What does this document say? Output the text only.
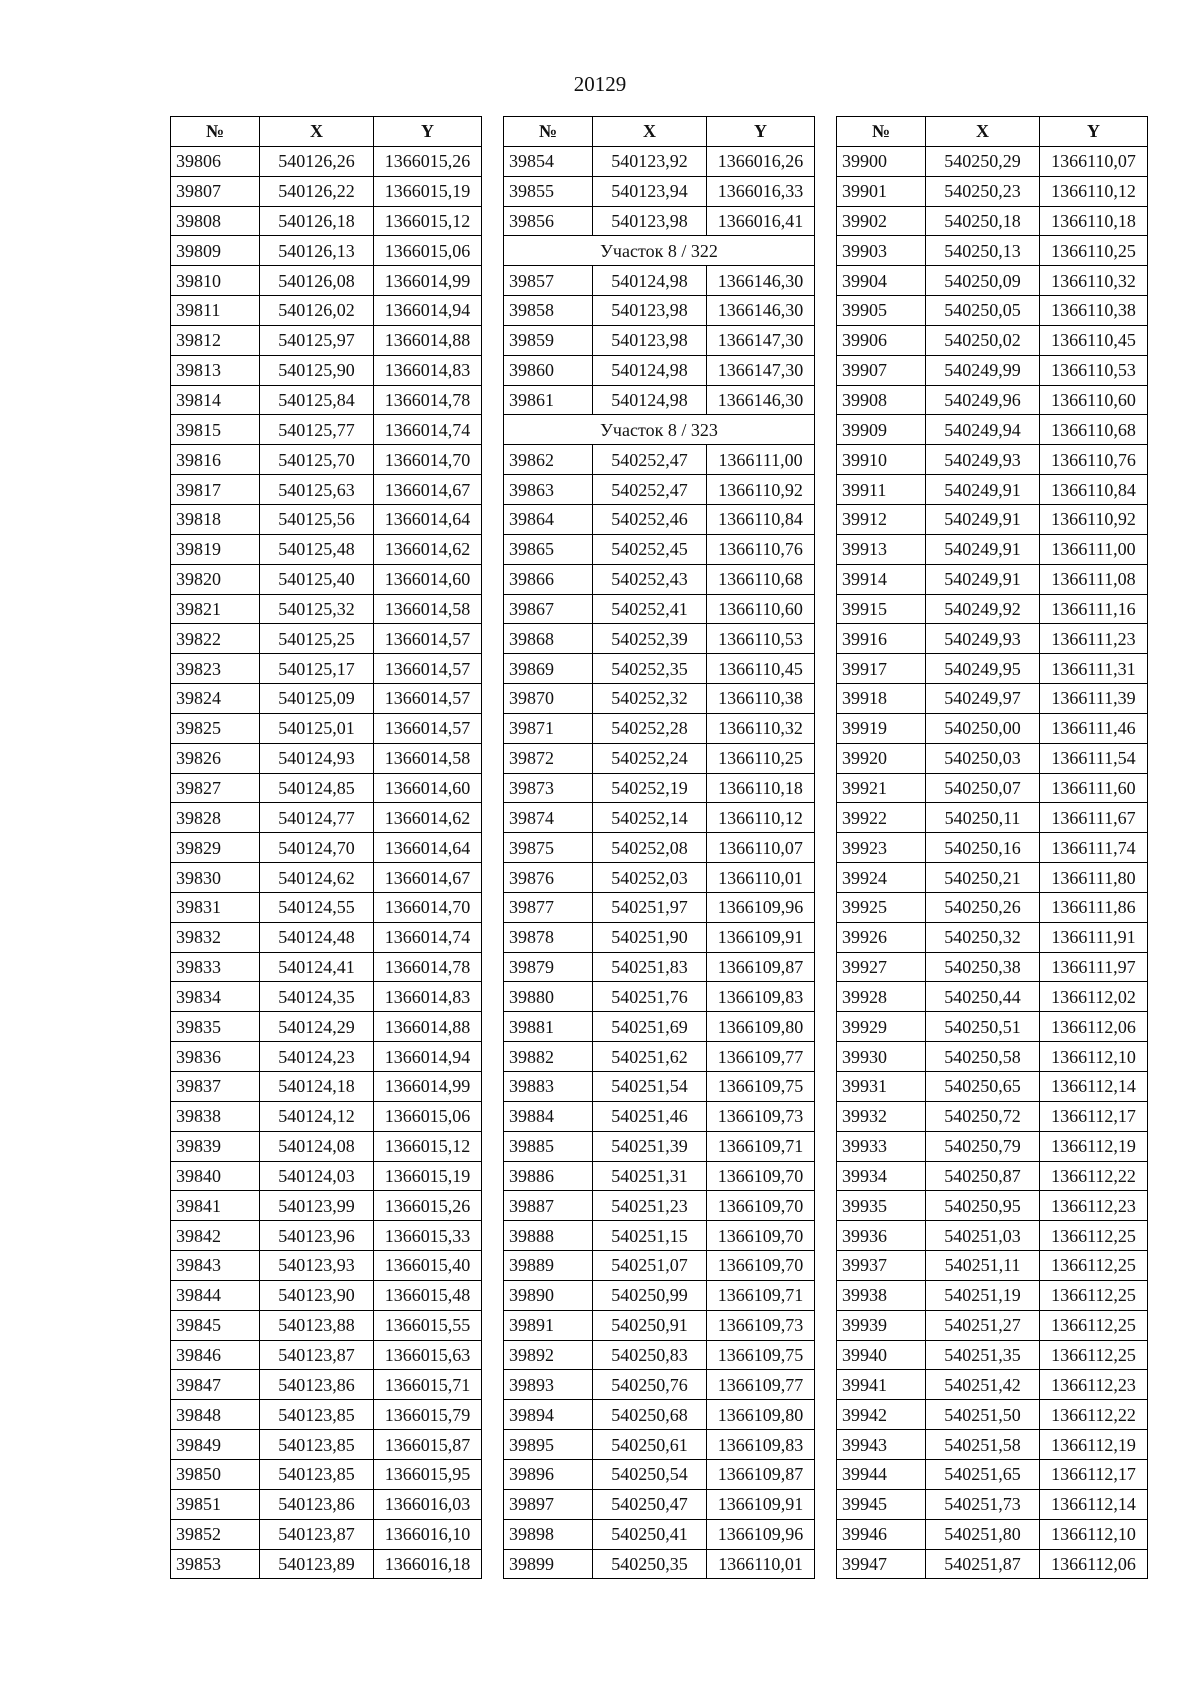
20129
№	X	Y
39806	540126,26	1366015,26
39807	540126,22	1366015,19
39808	540126,18	1366015,12
39809	540126,13	1366015,06
39810	540126,08	1366014,99
39811	540126,02	1366014,94
39812	540125,97	1366014,88
39813	540125,90	1366014,83
39814	540125,84	1366014,78
39815	540125,77	1366014,74
39816	540125,70	1366014,70
39817	540125,63	1366014,67
39818	540125,56	1366014,64
39819	540125,48	1366014,62
39820	540125,40	1366014,60
39821	540125,32	1366014,58
39822	540125,25	1366014,57
39823	540125,17	1366014,57
39824	540125,09	1366014,57
39825	540125,01	1366014,57
39826	540124,93	1366014,58
39827	540124,85	1366014,60
39828	540124,77	1366014,62
39829	540124,70	1366014,64
39830	540124,62	1366014,67
39831	540124,55	1366014,70
39832	540124,48	1366014,74
39833	540124,41	1366014,78
39834	540124,35	1366014,83
39835	540124,29	1366014,88
39836	540124,23	1366014,94
39837	540124,18	1366014,99
39838	540124,12	1366015,06
39839	540124,08	1366015,12
39840	540124,03	1366015,19
39841	540123,99	1366015,26
39842	540123,96	1366015,33
39843	540123,93	1366015,40
39844	540123,90	1366015,48
39845	540123,88	1366015,55
39846	540123,87	1366015,63
39847	540123,86	1366015,71
39848	540123,85	1366015,79
39849	540123,85	1366015,87
39850	540123,85	1366015,95
39851	540123,86	1366016,03
39852	540123,87	1366016,10
39853	540123,89	1366016,18
№	X	Y
39854	540123,92	1366016,26
39855	540123,94	1366016,33
39856	540123,98	1366016,41
Участок 8 / 322		
39857	540124,98	1366146,30
39858	540123,98	1366146,30
39859	540123,98	1366147,30
39860	540124,98	1366147,30
39861	540124,98	1366146,30
Участок 8 / 323		
39862	540252,47	1366111,00
39863	540252,47	1366110,92
39864	540252,46	1366110,84
39865	540252,45	1366110,76
39866	540252,43	1366110,68
39867	540252,41	1366110,60
39868	540252,39	1366110,53
39869	540252,35	1366110,45
39870	540252,32	1366110,38
39871	540252,28	1366110,32
39872	540252,24	1366110,25
39873	540252,19	1366110,18
39874	540252,14	1366110,12
39875	540252,08	1366110,07
39876	540252,03	1366110,01
39877	540251,97	1366109,96
39878	540251,90	1366109,91
39879	540251,83	1366109,87
39880	540251,76	1366109,83
39881	540251,69	1366109,80
39882	540251,62	1366109,77
39883	540251,54	1366109,75
39884	540251,46	1366109,73
39885	540251,39	1366109,71
39886	540251,31	1366109,70
39887	540251,23	1366109,70
39888	540251,15	1366109,70
39889	540251,07	1366109,70
39890	540250,99	1366109,71
39891	540250,91	1366109,73
39892	540250,83	1366109,75
39893	540250,76	1366109,77
39894	540250,68	1366109,80
39895	540250,61	1366109,83
39896	540250,54	1366109,87
39897	540250,47	1366109,91
39898	540250,41	1366109,96
39899	540250,35	1366110,01
№	X	Y
39900	540250,29	1366110,07
39901	540250,23	1366110,12
39902	540250,18	1366110,18
39903	540250,13	1366110,25
39904	540250,09	1366110,32
39905	540250,05	1366110,38
39906	540250,02	1366110,45
39907	540249,99	1366110,53
39908	540249,96	1366110,60
39909	540249,94	1366110,68
39910	540249,93	1366110,76
39911	540249,91	1366110,84
39912	540249,91	1366110,92
39913	540249,91	1366111,00
39914	540249,91	1366111,08
39915	540249,92	1366111,16
39916	540249,93	1366111,23
39917	540249,95	1366111,31
39918	540249,97	1366111,39
39919	540250,00	1366111,46
39920	540250,03	1366111,54
39921	540250,07	1366111,60
39922	540250,11	1366111,67
39923	540250,16	1366111,74
39924	540250,21	1366111,80
39925	540250,26	1366111,86
39926	540250,32	1366111,91
39927	540250,38	1366111,97
39928	540250,44	1366112,02
39929	540250,51	1366112,06
39930	540250,58	1366112,10
39931	540250,65	1366112,14
39932	540250,72	1366112,17
39933	540250,79	1366112,19
39934	540250,87	1366112,22
39935	540250,95	1366112,23
39936	540251,03	1366112,25
39937	540251,11	1366112,25
39938	540251,19	1366112,25
39939	540251,27	1366112,25
39940	540251,35	1366112,25
39941	540251,42	1366112,23
39942	540251,50	1366112,22
39943	540251,58	1366112,19
39944	540251,65	1366112,17
39945	540251,73	1366112,14
39946	540251,80	1366112,10
39947	540251,87	1366112,06
